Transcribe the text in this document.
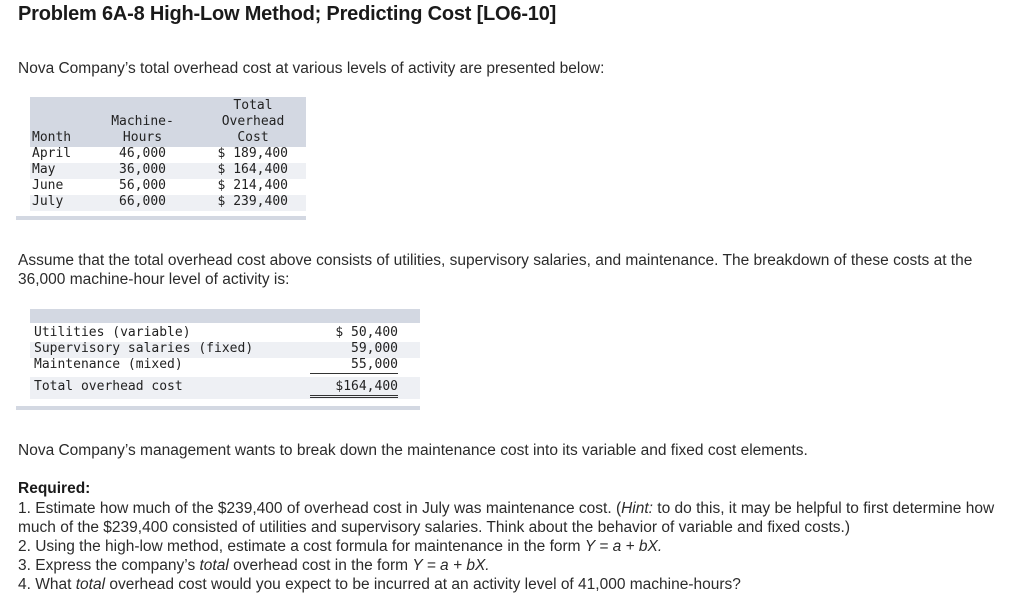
Problem 6A-8 High-Low Method; Predicting Cost [LO6-10]
Nova Company’s total overhead cost at various levels of activity are presented below:
Total
Machine-	Overhead
Month	Hours	Cost
April	46,000	$ 189,400
May	36,000	$ 164,400
June	56,000	$ 214,400
July	66,000	$ 239,400
Assume that the total overhead cost above consists of utilities, supervisory salaries, and maintenance. The breakdown of these costs at the 36,000 machine-hour level of activity is:
Utilities (variable)	$ 50,400
Supervisory salaries (fixed)	59,000
Maintenance (mixed)	55,000
Total overhead cost	$164,400
Nova Company’s management wants to break down the maintenance cost into its variable and fixed cost elements.
Required:
1. Estimate how much of the $239,400 of overhead cost in July was maintenance cost. (Hint: to do this, it may be helpful to first determine how much of the $239,400 consisted of utilities and supervisory salaries. Think about the behavior of variable and fixed costs.)
2. Using the high-low method, estimate a cost formula for maintenance in the form Y = a + bX.
3. Express the company’s total overhead cost in the form Y = a + bX.
4. What total overhead cost would you expect to be incurred at an activity level of 41,000 machine-hours?
